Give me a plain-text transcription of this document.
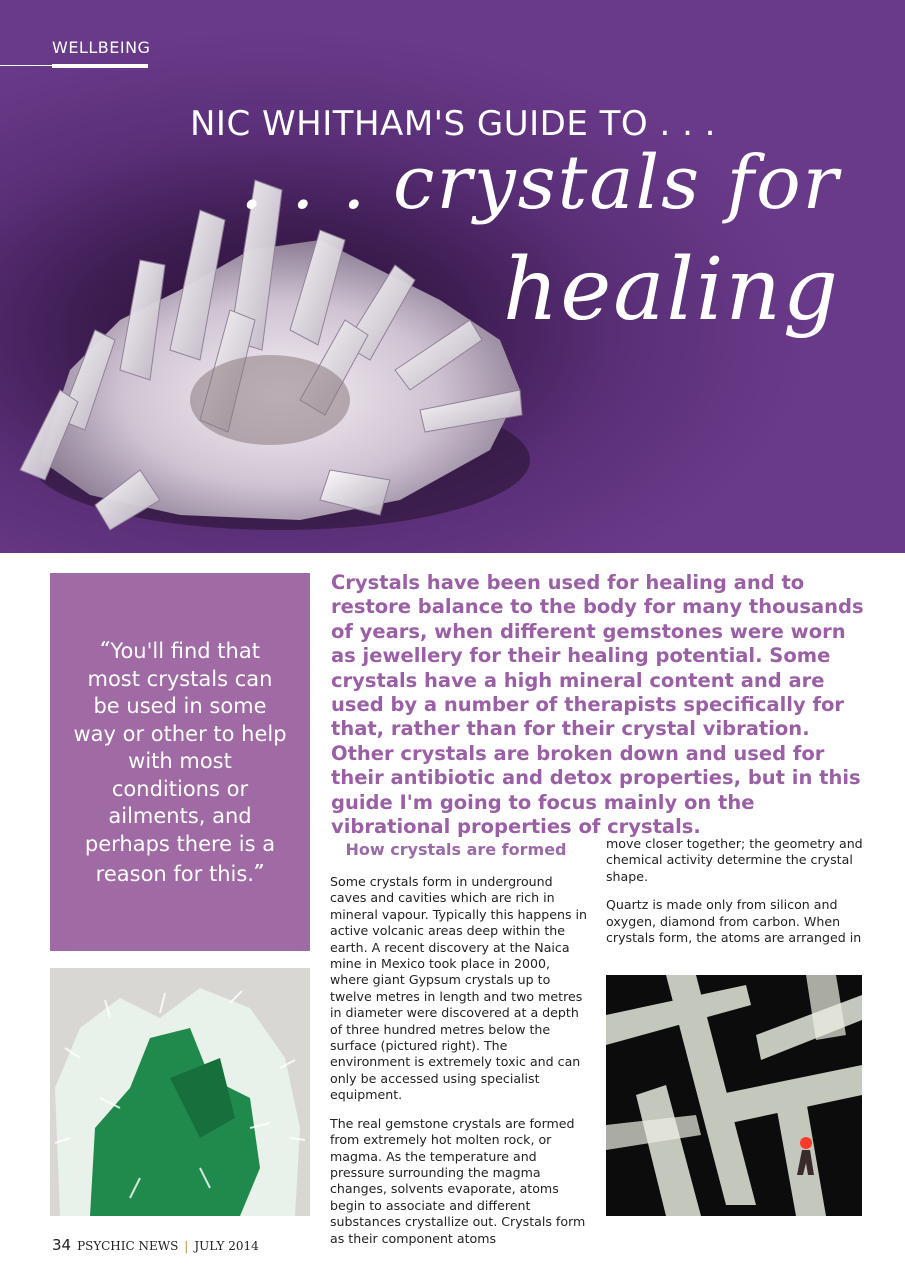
WELLBEING
NIC WHITHAM'S GUIDE TO . . .
. . . crystals for
healing

“You'll find that most crystals can be used in some way or other to help with most conditions or ailments, and perhaps there is a reason for this.”

Crystals have been used for healing and to restore balance to the body for many thousands of years, when different gemstones were worn as jewellery for their healing potential. Some crystals have a high mineral content and are used by a number of therapists specifically for that, rather than for their crystal vibration. Other crystals are broken down and used for their antibiotic and detox properties, but in this guide I'm going to focus mainly on the vibrational properties of crystals.

How crystals are formed

Some crystals form in underground caves and cavities which are rich in mineral vapour. Typically this happens in active volcanic areas deep within the earth. A recent discovery at the Naica mine in Mexico took place in 2000, where giant Gypsum crystals up to twelve metres in length and two metres in diameter were discovered at a depth of three hundred metres below the surface (pictured right). The environment is extremely toxic and can only be accessed using specialist equipment.

The real gemstone crystals are formed from extremely hot molten rock, or magma. As the temperature and pressure surrounding the magma changes, solvents evaporate, atoms begin to associate and different substances crystallize out. Crystals form as their component atoms

move closer together; the geometry and chemical activity determine the crystal shape.

Quartz is made only from silicon and oxygen, diamond from carbon. When crystals form, the atoms are arranged in

34 PSYCHIC NEWS | JULY 2014
